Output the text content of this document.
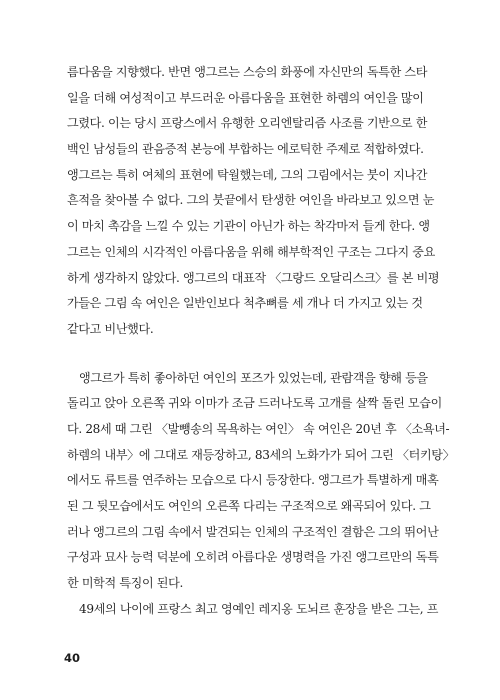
름다움을 지향했다. 반면 앵그르는 스승의 화풍에 자신만의 독특한 스타
일을 더해 여성적이고 부드러운 아름다움을 표현한 하렘의 여인을 많이
그렸다. 이는 당시 프랑스에서 유행한 오리엔탈리즘 사조를 기반으로 한
백인 남성들의 관음증적 본능에 부합하는 에로틱한 주제로 적합하였다.
앵그르는 특히 여체의 표현에 탁월했는데, 그의 그림에서는 붓이 지나간
흔적을 찾아볼 수 없다. 그의 붓끝에서 탄생한 여인을 바라보고 있으면 눈
이 마치 촉감을 느낄 수 있는 기관이 아닌가 하는 착각마저 들게 한다. 앵
그르는 인체의 시각적인 아름다움을 위해 해부학적인 구조는 그다지 중요
하게 생각하지 않았다. 앵그르의 대표작 〈그랑드 오달리스크〉를 본 비평
가들은 그림 속 여인은 일반인보다 척추뼈를 세 개나 더 가지고 있는 것
같다고 비난했다.
앵그르가 특히 좋아하던 여인의 포즈가 있었는데, 관람객을 향해 등을
돌리고 앉아 오른쪽 귀와 이마가 조금 드러나도록 고개를 살짝 돌린 모습이
다. 28세 때 그린 〈발뺑송의 목욕하는 여인〉 속 여인은 20년 후 〈소욕녀-
하렘의 내부〉에 그대로 재등장하고, 83세의 노화가가 되어 그린 〈터키탕〉
에서도 류트를 연주하는 모습으로 다시 등장한다. 앵그르가 특별하게 매혹
된 그 뒷모습에서도 여인의 오른쪽 다리는 구조적으로 왜곡되어 있다. 그
러나 앵그르의 그림 속에서 발견되는 인체의 구조적인 결함은 그의 뛰어난
구성과 묘사 능력 덕분에 오히려 아름다운 생명력을 가진 앵그르만의 독특
한 미학적 특징이 된다.
49세의 나이에 프랑스 최고 영예인 레지옹 도뇌르 훈장을 받은 그는, 프
40
